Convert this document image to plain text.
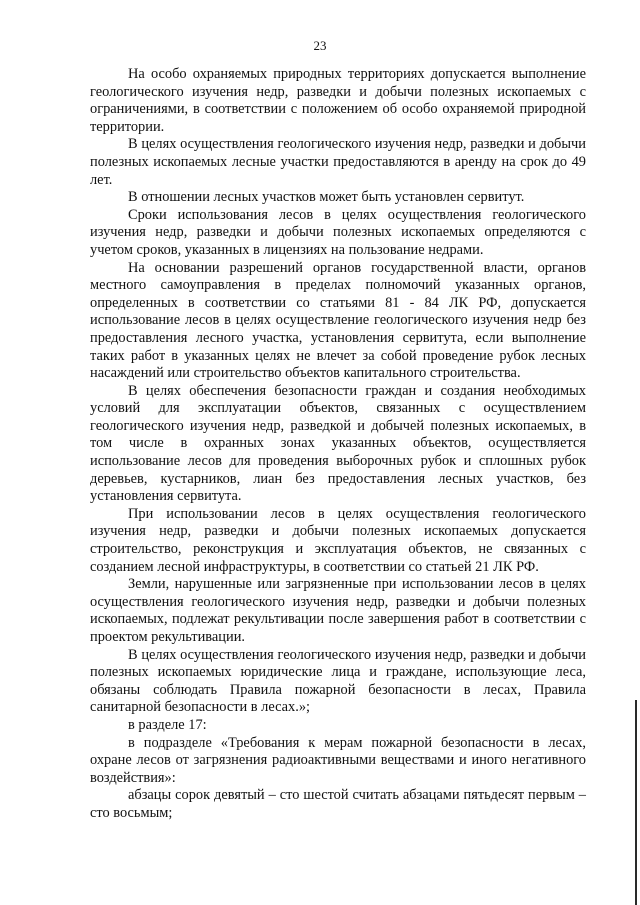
23

На особо охраняемых природных территориях допускается выполнение геологического изучения недр, разведки и добычи полезных ископаемых с ограничениями, в соответствии с положением об особо охраняемой природной территории.

В целях осуществления геологического изучения недр, разведки и добычи полезных ископаемых лесные участки предоставляются в аренду на срок до 49 лет.

В отношении лесных участков может быть установлен сервитут.

Сроки использования лесов в целях осуществления геологического изучения недр, разведки и добычи полезных ископаемых определяются с учетом сроков, указанных в лицензиях на пользование недрами.

На основании разрешений органов государственной власти, органов местного самоуправления в пределах полномочий указанных органов, определенных в соответствии со статьями 81 - 84 ЛК РФ, допускается использование лесов в целях осуществление геологического изучения недр без предоставления лесного участка, установления сервитута, если выполнение таких работ в указанных целях не влечет за собой проведение рубок лесных насаждений или строительство объектов капитального строительства.

В целях обеспечения безопасности граждан и создания необходимых условий для эксплуатации объектов, связанных с осуществлением геологического изучения недр, разведкой и добычей полезных ископаемых, в том числе в охранных зонах указанных объектов, осуществляется использование лесов для проведения выборочных рубок и сплошных рубок деревьев, кустарников, лиан без предоставления лесных участков, без установления сервитута.

При использовании лесов в целях осуществления геологического изучения недр, разведки и добычи полезных ископаемых допускается строительство, реконструкция и эксплуатация объектов, не связанных с созданием лесной инфраструктуры, в соответствии со статьей 21 ЛК РФ.

Земли, нарушенные или загрязненные при использовании лесов в целях осуществления геологического изучения недр, разведки и добычи полезных ископаемых, подлежат рекультивации после завершения работ в соответствии с проектом рекультивации.

В целях осуществления геологического изучения недр, разведки и добычи полезных ископаемых юридические лица и граждане, использующие леса, обязаны соблюдать Правила пожарной безопасности в лесах, Правила санитарной безопасности в лесах.»;

в разделе 17:

в подразделе «Требования к мерам пожарной безопасности в лесах, охране лесов от загрязнения радиоактивными веществами и иного негативного воздействия»:

абзацы сорок девятый – сто шестой считать абзацами пятьдесят первым – сто восьмым;
